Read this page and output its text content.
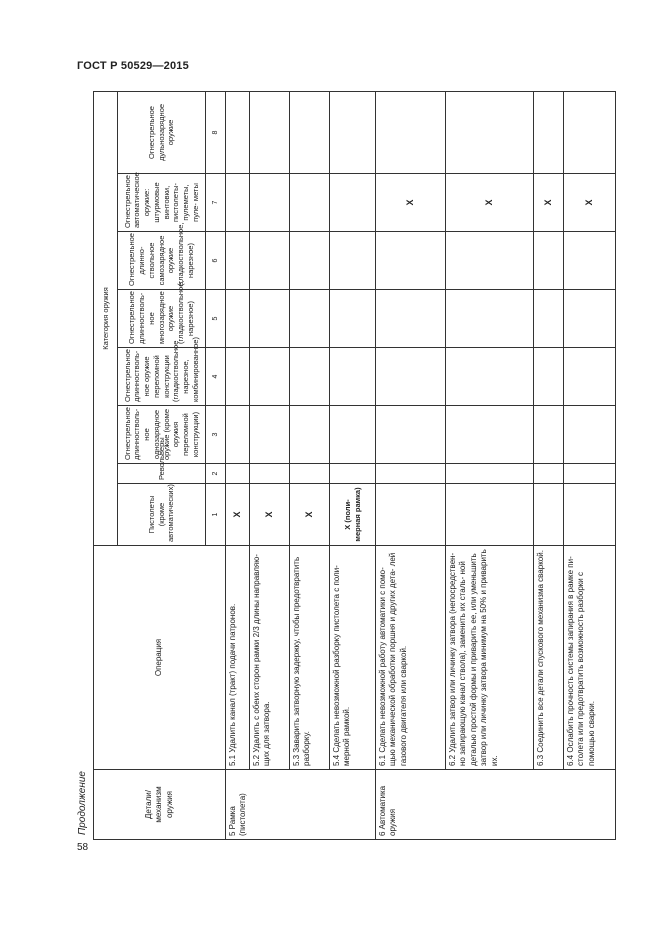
ГОСТ Р 50529—2015
Продолжение
58
Детали/ механизм оружия	Операция	Категория оружия							
		Пистолеты (кроме автоматических)	Револьверы	Огнестрельное длинностволь- ное однозарядное оружие (кроме оружия переломной конструкции)	Огнестрельное длинностволь- ное оружие переломной конструкции (гладкоствольное нарезное, комбинированное)	Огнестрельное длинностволь- ное многозарядное оружие (гладкоствольное, нарезное)	Огнестрельное длинно- ствольное самозарядное оружие (гладкоствольное, нарезное)	Огнестрельное автоматическое оружие: штурмовые винтовки, пистолеты-пулеметы, пуле- меты	Огнестрельное дульнозарядное оружие
		1	2	3	4	5	6	7	8
5 Рамка (пистолета)	5.1 Удалить канал (тракт) подачи патронов.	X							
	5.2 Удалить с обеих сторон рамки 2/3 длины направляю- щих для затвора.	X							
	5.3 Заварить затворную задержку, чтобы предотвратить разборку.	X							
	5.4 Сделать невозможной разборку пистолета с поли- мерной рамкой.	X (поли- мерная рамка)							
6 Автоматика оружия	6.1 Сделать невозможной работу автоматики с помо- щью механической обработки поршня и других дета- лей газового двигателя или сваркой.							X	
	6.2 Удалить затвор или личинку затвора (непосредствен- но запирающую канал ствола), заменить их сталь- ной деталью простой формы и приварить ее, или уменьшить затвор или личинку затвора минимум на 50% и приварить их.							X	
	6.3 Соединить все детали спускового механизма сваркой.							X	
	6.4 Ослабить прочность системы запирания в рамке пи- столета или предотвратить возможность разборки с помощью сварки.							X	
